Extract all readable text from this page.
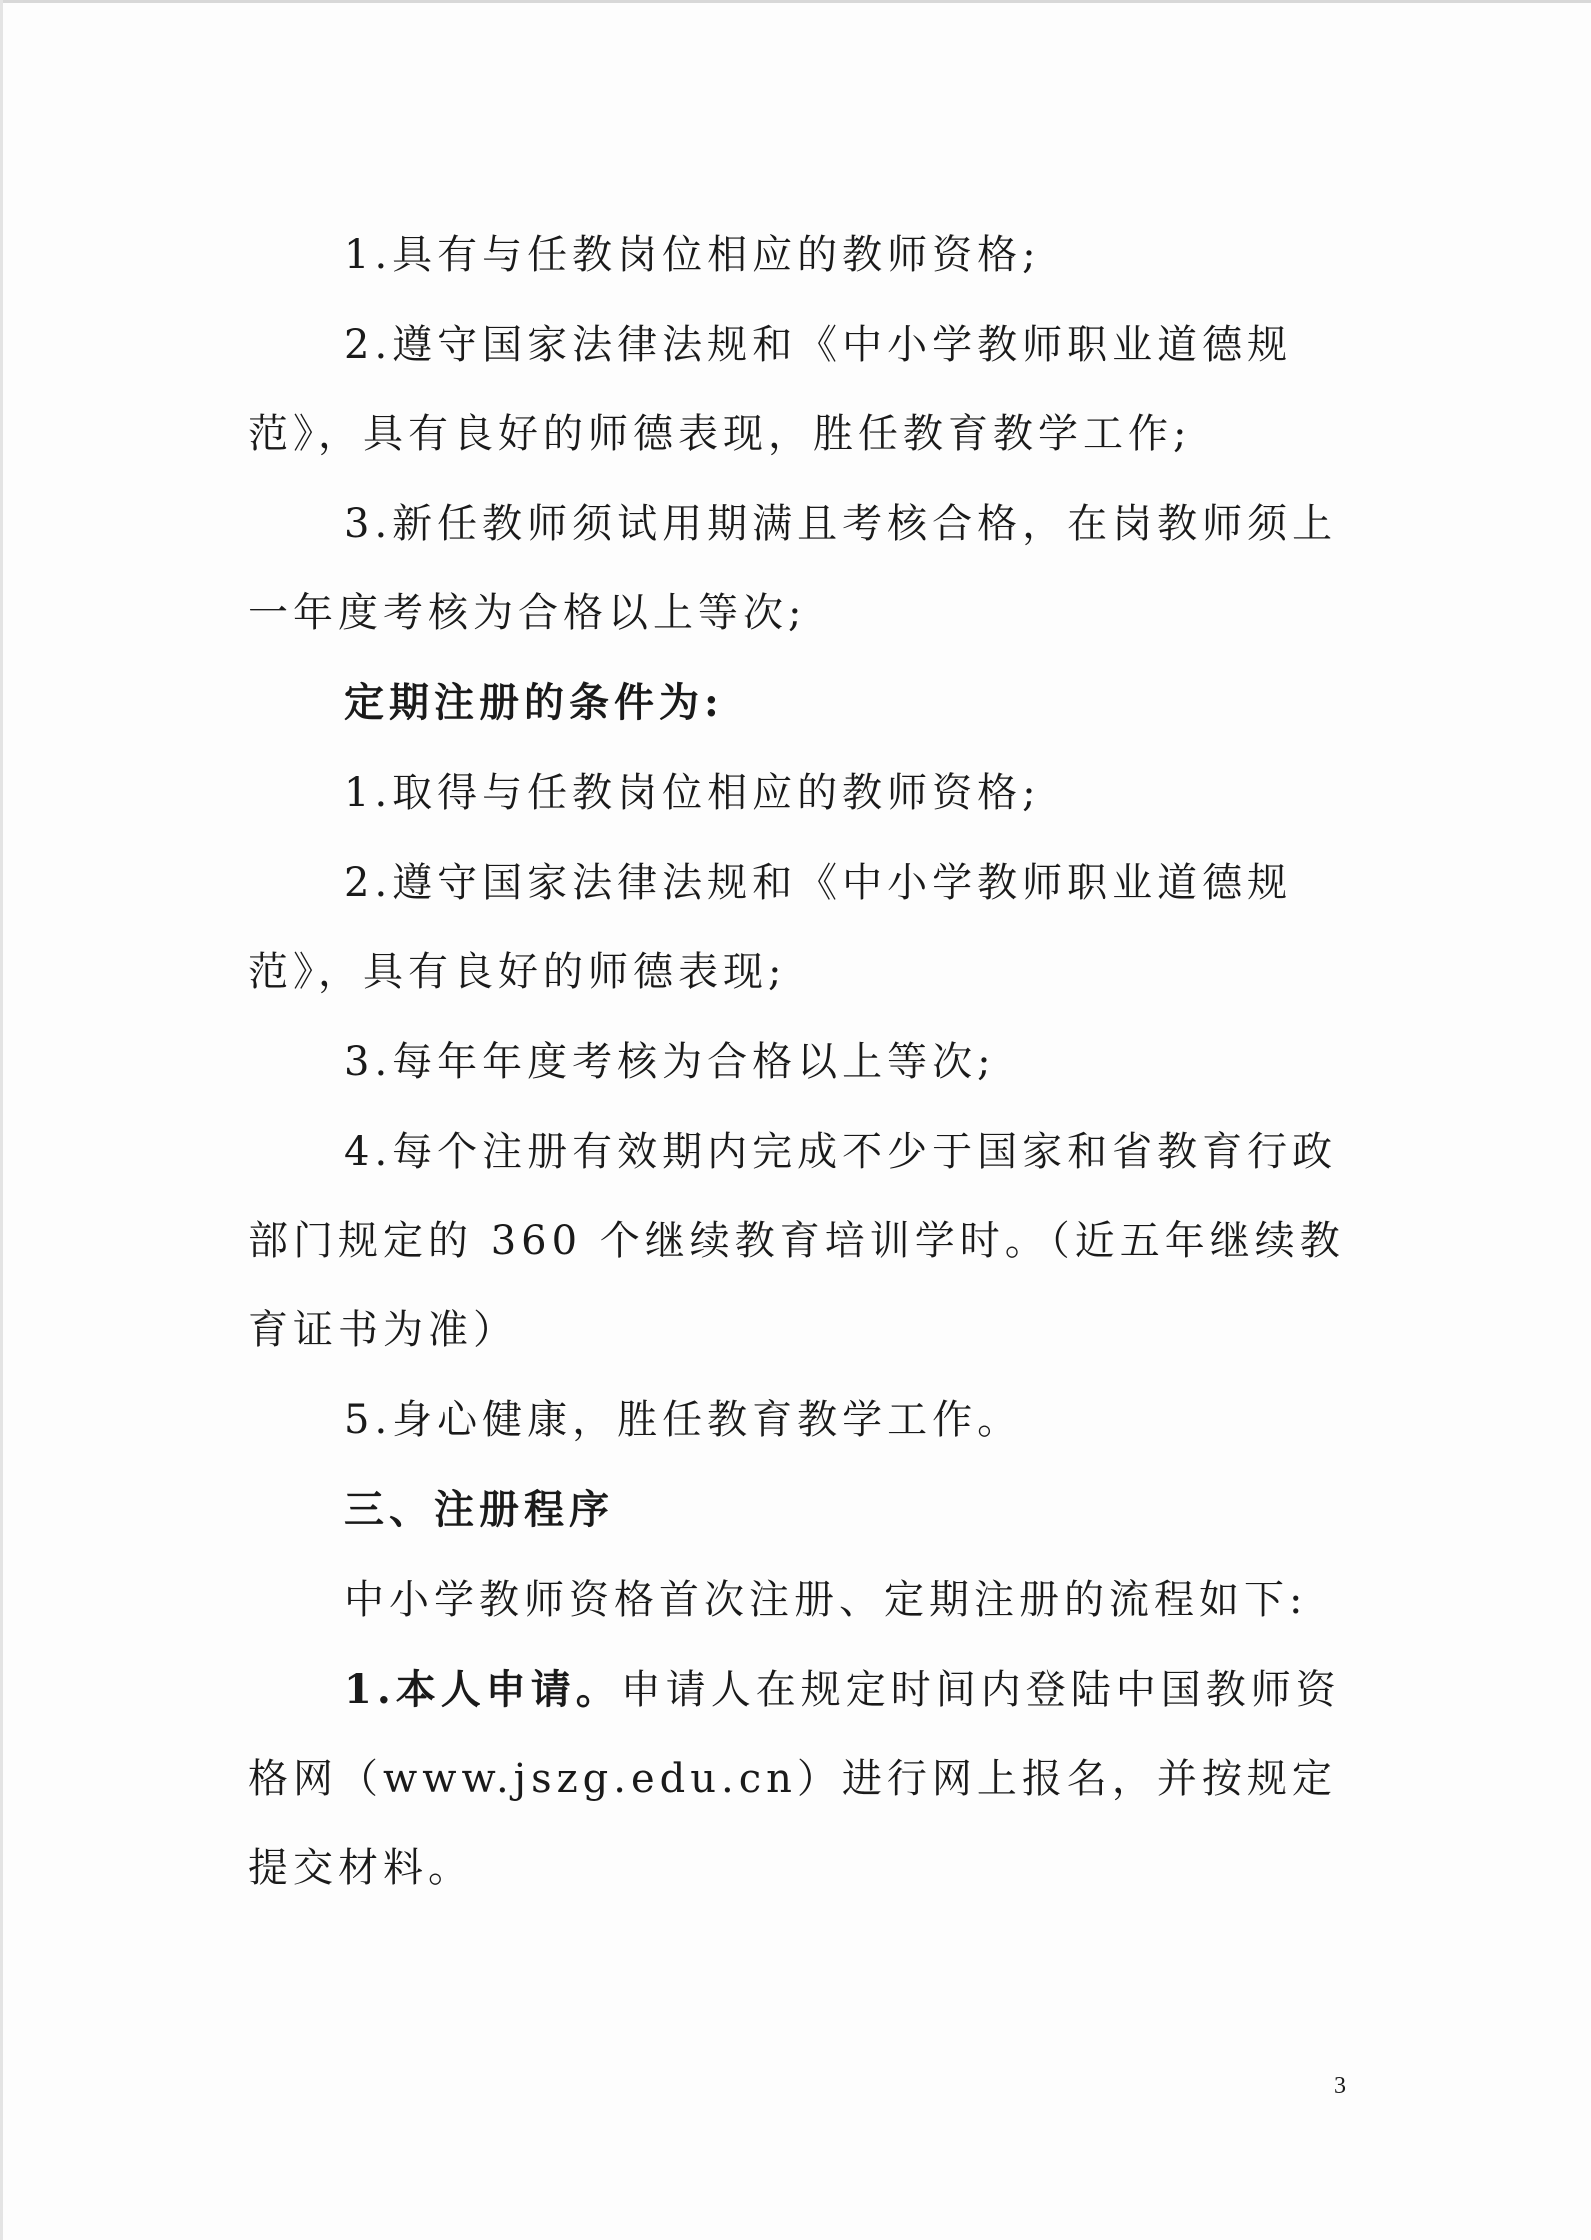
1.具有与任教岗位相应的教师资格;

2.遵守国家法律法规和《中小学教师职业道德规范》，具有良好的师德表现，胜任教育教学工作;

3.新任教师须试用期满且考核合格，在岗教师须上一年度考核为合格以上等次;

定期注册的条件为:

1.取得与任教岗位相应的教师资格;

2.遵守国家法律法规和《中小学教师职业道德规范》，具有良好的师德表现;

3.每年年度考核为合格以上等次;

4.每个注册有效期内完成不少于国家和省教育行政部门规定的 360 个继续教育培训学时。（近五年继续教育证书为准）

5.身心健康，胜任教育教学工作。

三、注册程序

中小学教师资格首次注册、定期注册的流程如下:

1.本人申请。申请人在规定时间内登陆中国教师资格网（www.jszg.edu.cn）进行网上报名，并按规定提交材料。

3
